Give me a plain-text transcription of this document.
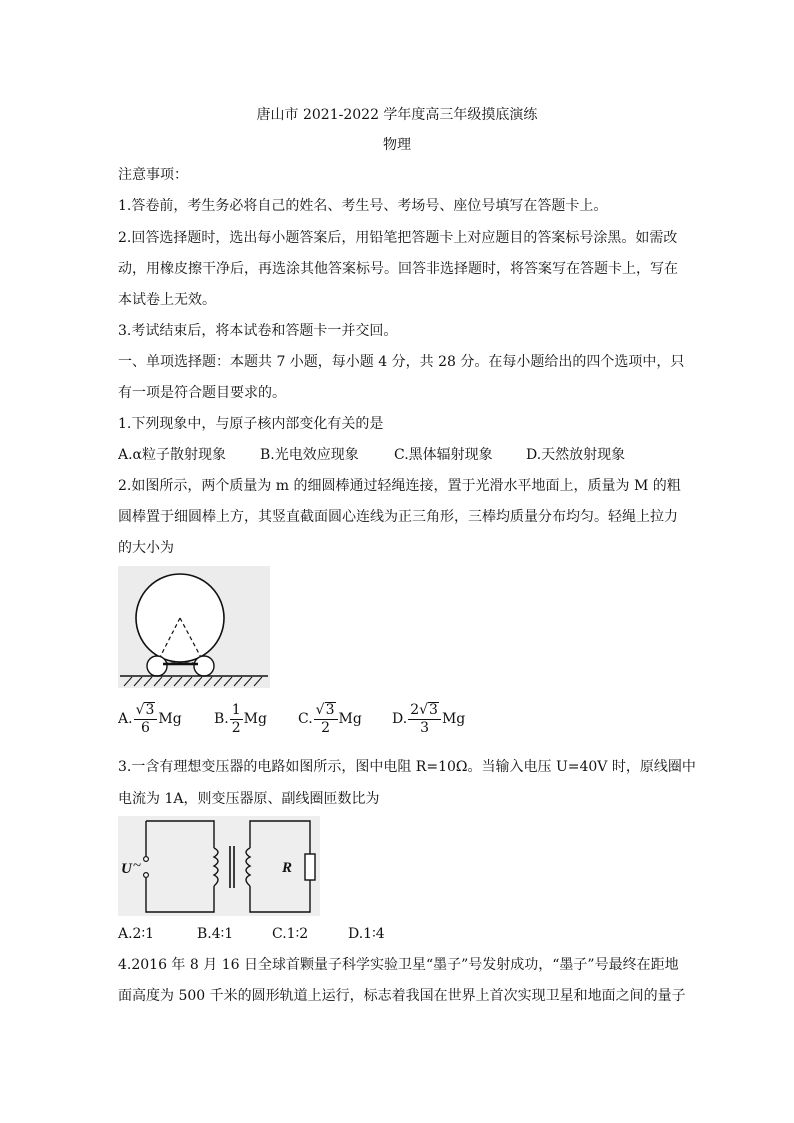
唐山市 2021-2022 学年度高三年级摸底演练
物理
注意事项：
1.答卷前，考生务必将自己的姓名、考生号、考场号、座位号填写在答题卡上。
2.回答选择题时，选出每小题答案后，用铅笔把答题卡上对应题目的答案标号涂黑。如需改
动，用橡皮擦干净后，再选涂其他答案标号。回答非选择题时，将答案写在答题卡上，写在
本试卷上无效。
3.考试结束后，将本试卷和答题卡一并交回。
一、单项选择题：本题共 7 小题，每小题 4 分，共 28 分。在每小题给出的四个选项中，只
有一项是符合题目要求的。
1.下列现象中，与原子核内部变化有关的是
A.α粒子散射现象 B.光电效应现象	C.黑体辐射现象 D.天然放射现象
2.如图所示，两个质量为 m 的细圆棒通过轻绳连接，置于光滑水平地面上，质量为 M 的粗
圆棒置于细圆棒上方，其竖直截面圆心连线为正三角形，三棒均质量分布均匀。轻绳上拉力
的大小为
A. $\frac{√3}{6}$ Mg B. $\frac{1}{2}$ Mg C. $\frac{√3}{2}$ Mg D. $\frac{2√3}{3}$ Mg
3.一含有理想变压器的电路如图所示，图中电阻 R=10Ω。当输入电压 U=40V 时，原线圈中
电流为 1A，则变压器原、副线圈匝数比为
U ~	R
A.2∶1	B.4∶1	C.1∶2	D.1∶4
4.2016 年 8 月 16 日全球首颗量子科学实验卫星“墨子”号发射成功，“墨子”号最终在距地
面高度为 500 千米的圆形轨道上运行，标志着我国在世界上首次实现卫星和地面之间的量子
